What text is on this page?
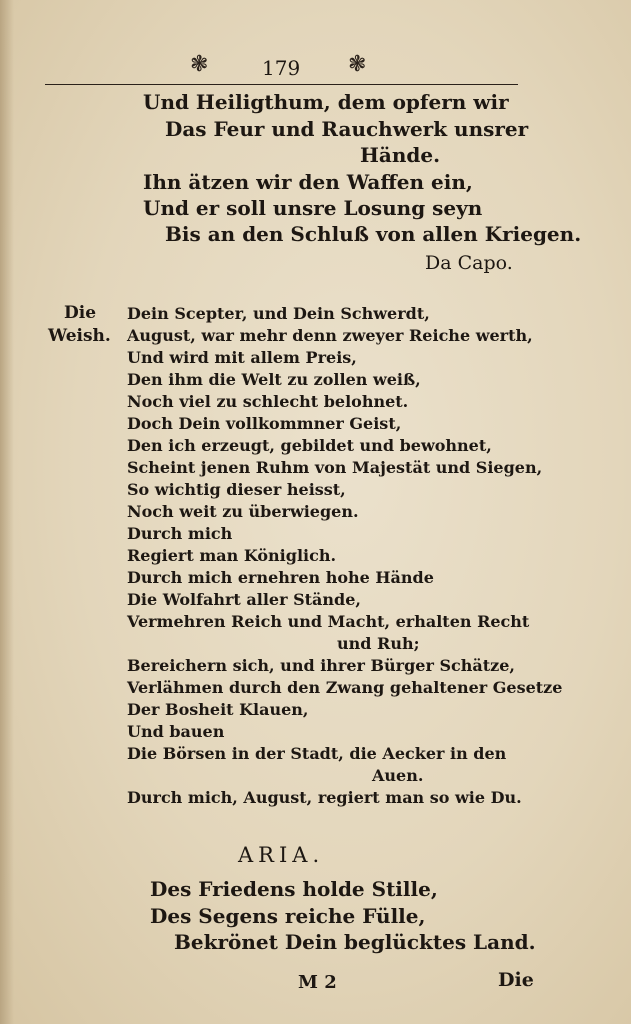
❃	179 ❃
Und Heiligthum, dem opfern wir
Das Feur und Rauchwerk unsrer
Hände.
Ihn ätzen wir den Waffen ein,
Und er soll unsre Losung seyn
Bis an den Schluß von allen Kriegen.
Da Capo.
Die
Weish.
Dein Scepter, und Dein Schwerdt,
August, war mehr denn zweyer Reiche werth,
Und wird mit allem Preis,
Den ihm die Welt zu zollen weiß,
Noch viel zu schlecht belohnet.
Doch Dein vollkommner Geist,
Den ich erzeugt, gebildet und bewohnet,
Scheint jenen Ruhm von Majestät und Siegen,
So wichtig dieser heisst,
Noch weit zu überwiegen.
Durch mich
Regiert man Königlich.
Durch mich ernehren hohe Hände
Die Wolfahrt aller Stände,
Vermehren Reich und Macht, erhalten Recht
und Ruh;
Bereichern sich, und ihrer Bürger Schätze,
Verlähmen durch den Zwang gehaltener Gesetze
Der Bosheit Klauen,
Und bauen
Die Börsen in der Stadt, die Aecker in den
Auen.
Durch mich, August, regiert man so wie Du.
ARIA.
Des Friedens holde Stille,
Des Segens reiche Fülle,
Bekrönet Dein beglücktes Land.
M 2	Die
